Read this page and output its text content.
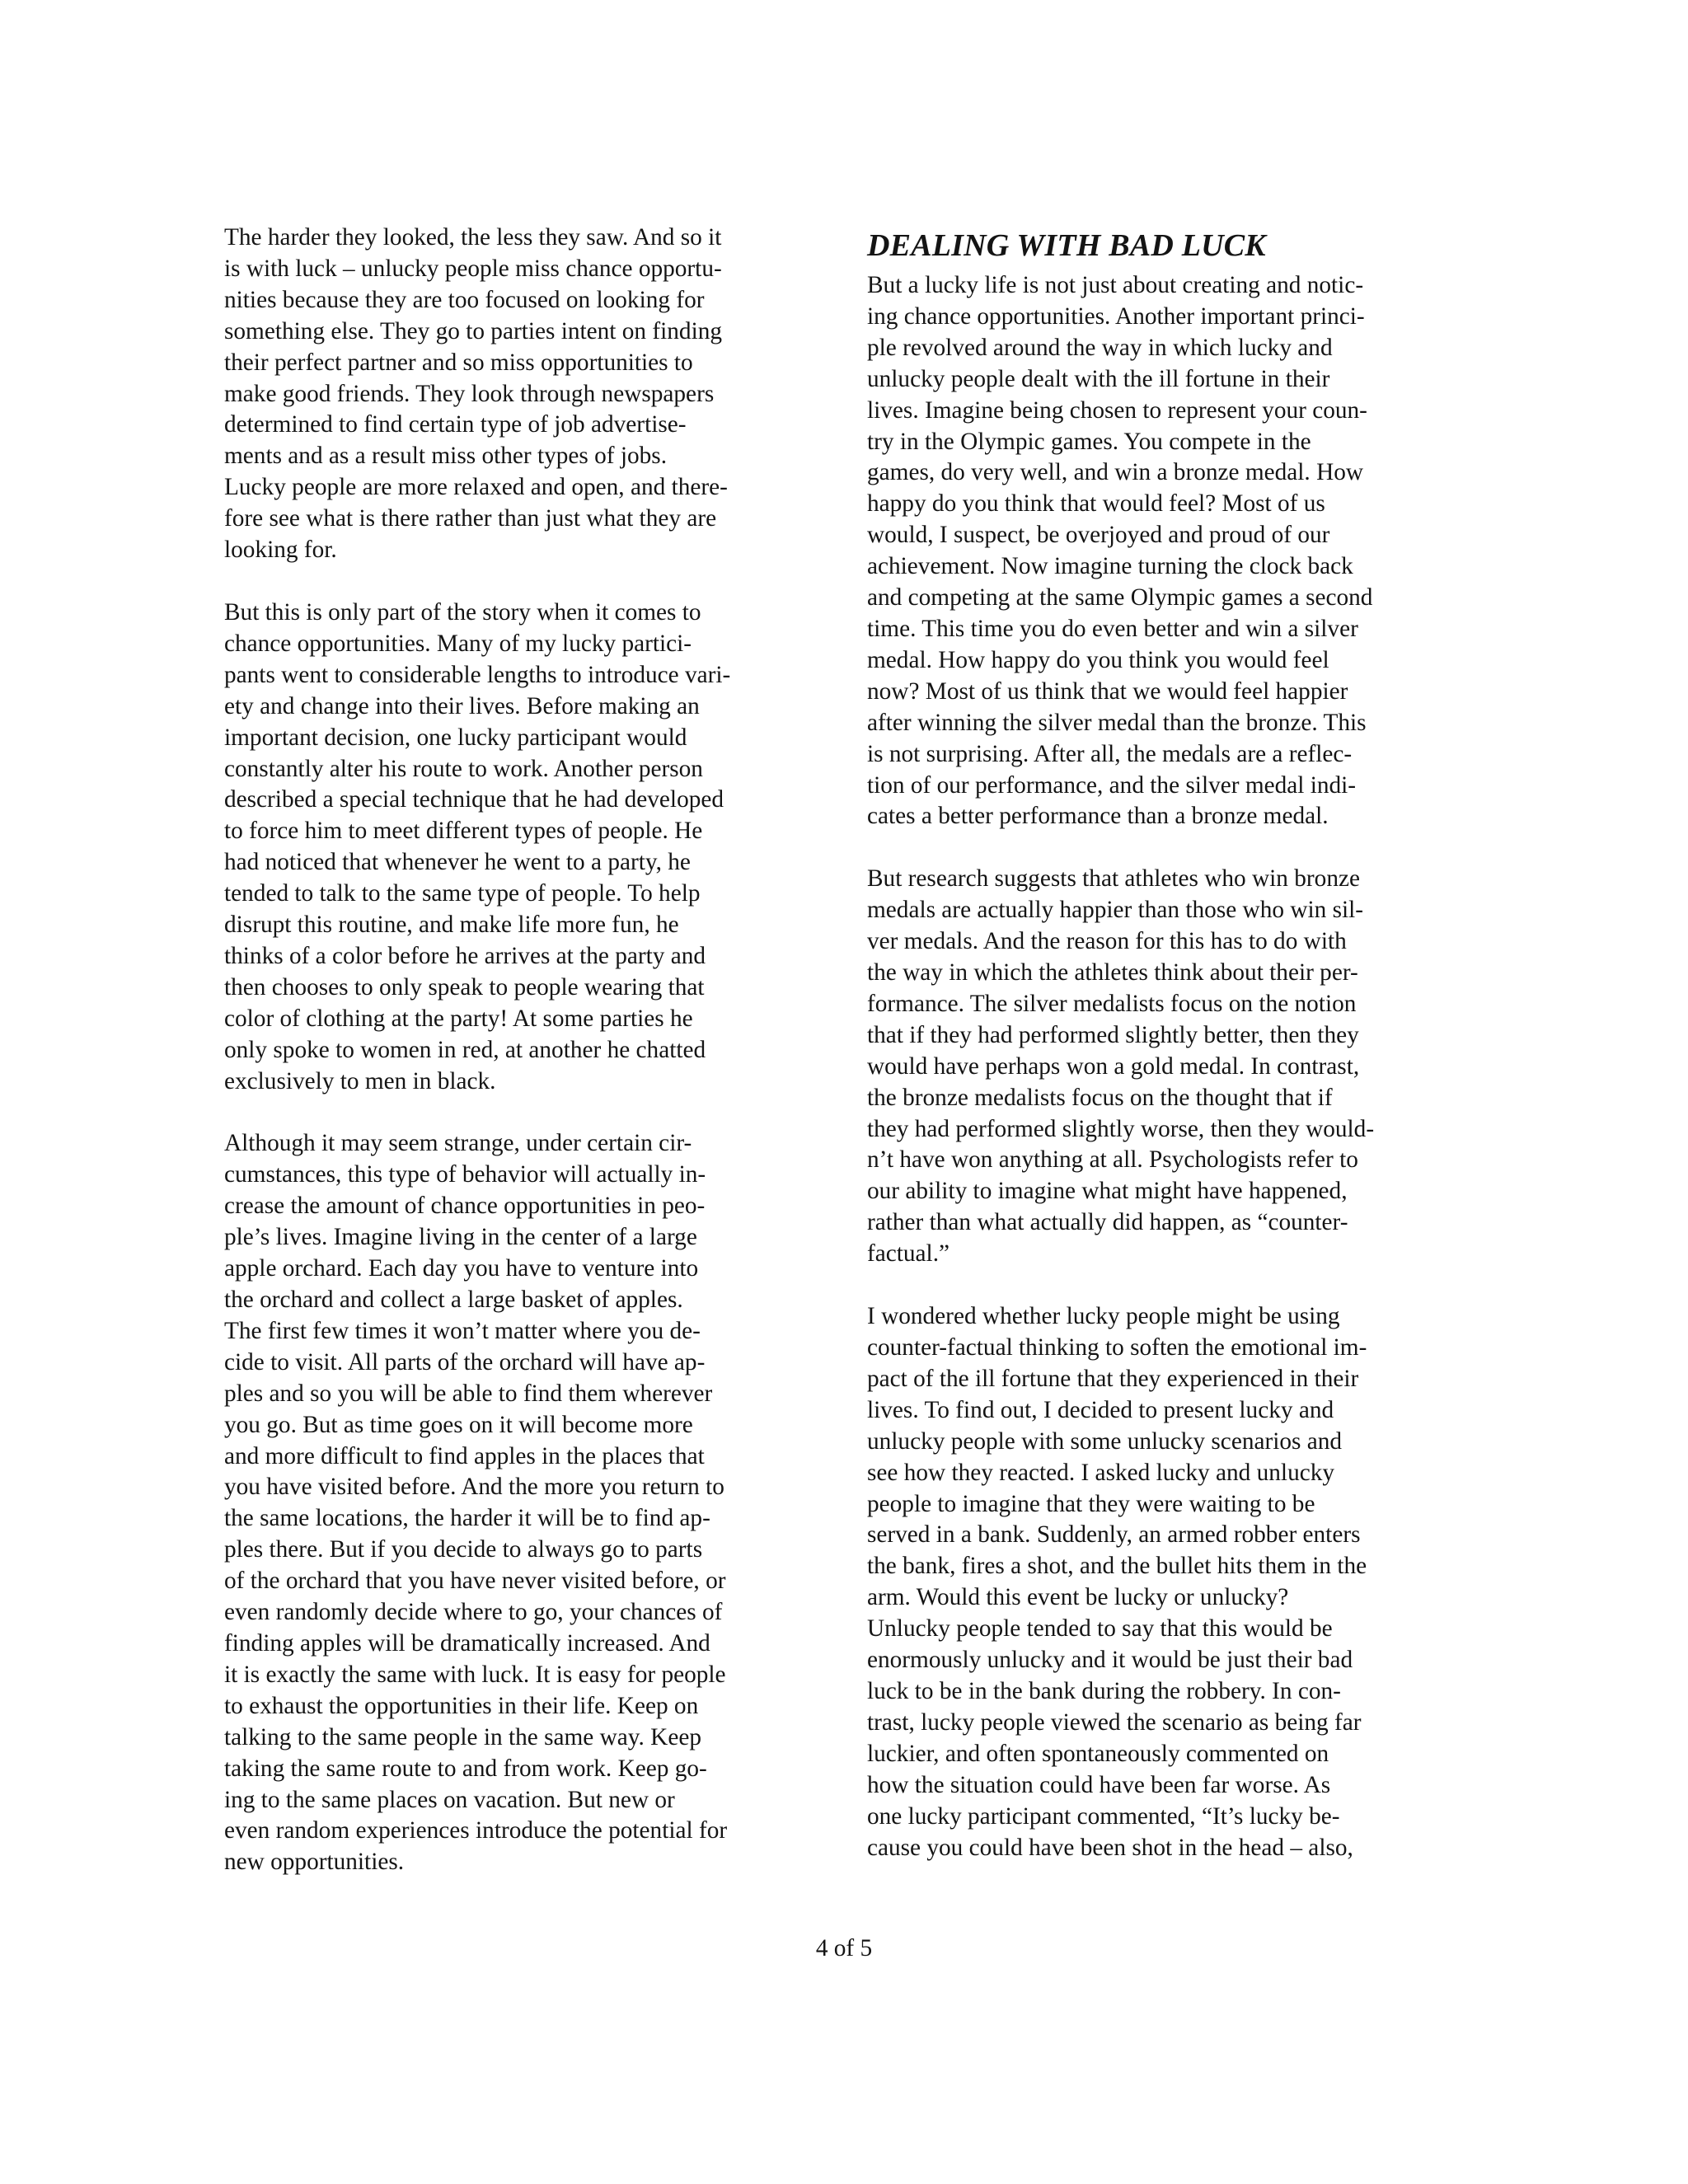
The harder they looked, the less they saw. And so it
is with luck – unlucky people miss chance opportu-
nities because they are too focused on looking for
something else. They go to parties intent on finding
their perfect partner and so miss opportunities to
make good friends. They look through newspapers
determined to find certain type of job advertise-
ments and as a result miss other types of jobs.
Lucky people are more relaxed and open, and there-
fore see what is there rather than just what they are
looking for.

But this is only part of the story when it comes to
chance opportunities. Many of my lucky partici-
pants went to considerable lengths to introduce vari-
ety and change into their lives. Before making an
important decision, one lucky participant would
constantly alter his route to work. Another person
described a special technique that he had developed
to force him to meet different types of people. He
had noticed that whenever he went to a party, he
tended to talk to the same type of people. To help
disrupt this routine, and make life more fun, he
thinks of a color before he arrives at the party and
then chooses to only speak to people wearing that
color of clothing at the party! At some parties he
only spoke to women in red, at another he chatted
exclusively to men in black.

Although it may seem strange, under certain cir-
cumstances, this type of behavior will actually in-
crease the amount of chance opportunities in peo-
ple’s lives. Imagine living in the center of a large
apple orchard. Each day you have to venture into
the orchard and collect a large basket of apples.
The first few times it won’t matter where you de-
cide to visit. All parts of the orchard will have ap-
ples and so you will be able to find them wherever
you go. But as time goes on it will become more
and more difficult to find apples in the places that
you have visited before. And the more you return to
the same locations, the harder it will be to find ap-
ples there. But if you decide to always go to parts
of the orchard that you have never visited before, or
even randomly decide where to go, your chances of
finding apples will be dramatically increased. And
it is exactly the same with luck. It is easy for people
to exhaust the opportunities in their life. Keep on
talking to the same people in the same way. Keep
taking the same route to and from work. Keep go-
ing to the same places on vacation. But new or
even random experiences introduce the potential for
new opportunities.

DEALING WITH BAD LUCK

But a lucky life is not just about creating and notic-
ing chance opportunities. Another important princi-
ple revolved around the way in which lucky and
unlucky people dealt with the ill fortune in their
lives. Imagine being chosen to represent your coun-
try in the Olympic games. You compete in the
games, do very well, and win a bronze medal. How
happy do you think that would feel? Most of us
would, I suspect, be overjoyed and proud of our
achievement. Now imagine turning the clock back
and competing at the same Olympic games a second
time. This time you do even better and win a silver
medal. How happy do you think you would feel
now? Most of us think that we would feel happier
after winning the silver medal than the bronze. This
is not surprising. After all, the medals are a reflec-
tion of our performance, and the silver medal indi-
cates a better performance than a bronze medal.

But research suggests that athletes who win bronze
medals are actually happier than those who win sil-
ver medals. And the reason for this has to do with
the way in which the athletes think about their per-
formance. The silver medalists focus on the notion
that if they had performed slightly better, then they
would have perhaps won a gold medal. In contrast,
the bronze medalists focus on the thought that if
they had performed slightly worse, then they would-
n’t have won anything at all. Psychologists refer to
our ability to imagine what might have happened,
rather than what actually did happen, as “counter-
factual.”

I wondered whether lucky people might be using
counter-factual thinking to soften the emotional im-
pact of the ill fortune that they experienced in their
lives. To find out, I decided to present lucky and
unlucky people with some unlucky scenarios and
see how they reacted. I asked lucky and unlucky
people to imagine that they were waiting to be
served in a bank. Suddenly, an armed robber enters
the bank, fires a shot, and the bullet hits them in the
arm. Would this event be lucky or unlucky?
Unlucky people tended to say that this would be
enormously unlucky and it would be just their bad
luck to be in the bank during the robbery. In con-
trast, lucky people viewed the scenario as being far
luckier, and often spontaneously commented on
how the situation could have been far worse. As
one lucky participant commented, “It’s lucky be-
cause you could have been shot in the head – also,

4 of 5
